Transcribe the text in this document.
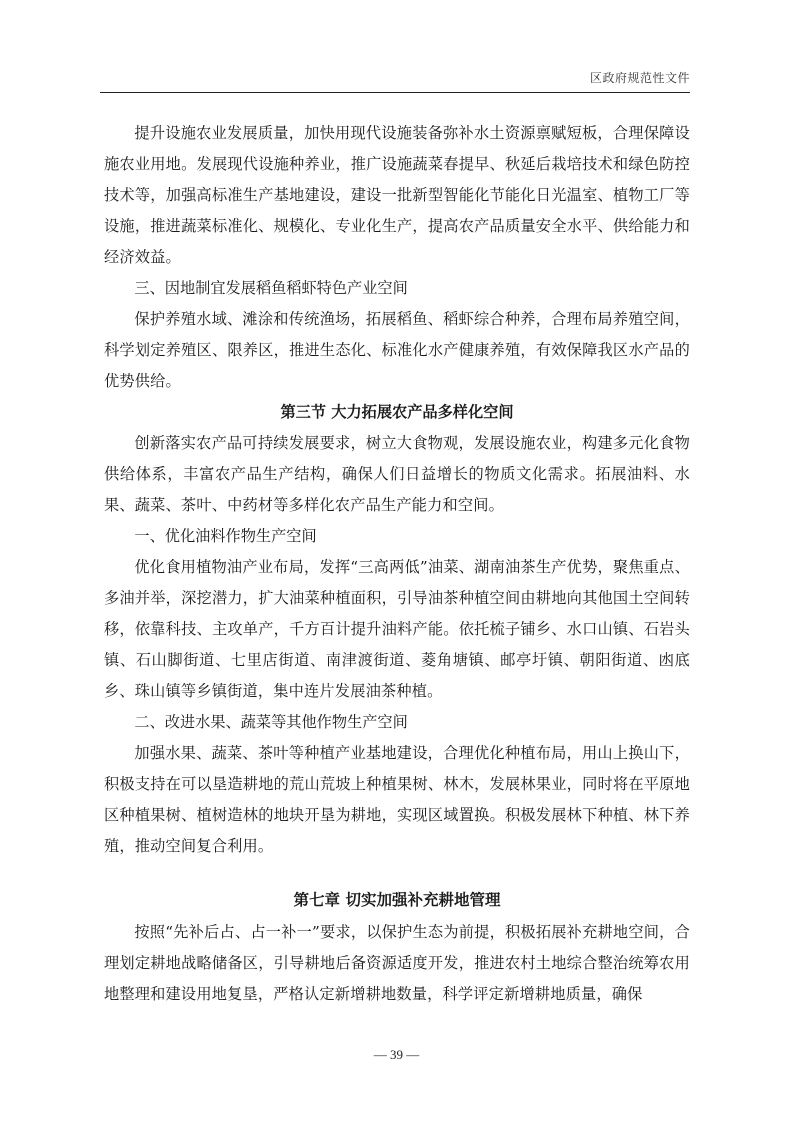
区政府规范性文件

提升设施农业发展质量，加快用现代设施装备弥补水土资源禀赋短板，合理保障设施农业用地。发展现代设施种养业，推广设施蔬菜春提早、秋延后栽培技术和绿色防控技术等，加强高标准生产基地建设，建设一批新型智能化节能化日光温室、植物工厂等设施，推进蔬菜标准化、规模化、专业化生产，提高农产品质量安全水平、供给能力和经济效益。

三、因地制宜发展稻鱼稻虾特色产业空间

保护养殖水域、滩涂和传统渔场，拓展稻鱼、稻虾综合种养，合理布局养殖空间，科学划定养殖区、限养区，推进生态化、标准化水产健康养殖，有效保障我区水产品的优势供给。

第三节 大力拓展农产品多样化空间

创新落实农产品可持续发展要求，树立大食物观，发展设施农业，构建多元化食物供给体系，丰富农产品生产结构，确保人们日益增长的物质文化需求。拓展油料、水果、蔬菜、茶叶、中药材等多样化农产品生产能力和空间。

一、优化油料作物生产空间

优化食用植物油产业布局，发挥“三高两低”油菜、湖南油茶生产优势，聚焦重点、多油并举，深挖潜力，扩大油菜种植面积，引导油茶种植空间由耕地向其他国土空间转移，依靠科技、主攻单产，千方百计提升油料产能。依托梳子铺乡、水口山镇、石岩头镇、石山脚街道、七里店街道、南津渡街道、菱角塘镇、邮亭圩镇、朝阳街道、凼底乡、珠山镇等乡镇街道，集中连片发展油茶种植。

二、改进水果、蔬菜等其他作物生产空间

加强水果、蔬菜、茶叶等种植产业基地建设，合理优化种植布局，用山上换山下，积极支持在可以垦造耕地的荒山荒坡上种植果树、林木，发展林果业，同时将在平原地区种植果树、植树造林的地块开垦为耕地，实现区域置换。积极发展林下种植、林下养殖，推动空间复合利用。

第七章 切实加强补充耕地管理

按照“先补后占、占一补一”要求，以保护生态为前提，积极拓展补充耕地空间，合理划定耕地战略储备区，引导耕地后备资源适度开发，推进农村土地综合整治统筹农用地整理和建设用地复垦，严格认定新增耕地数量，科学评定新增耕地质量，确保

— 39 —
